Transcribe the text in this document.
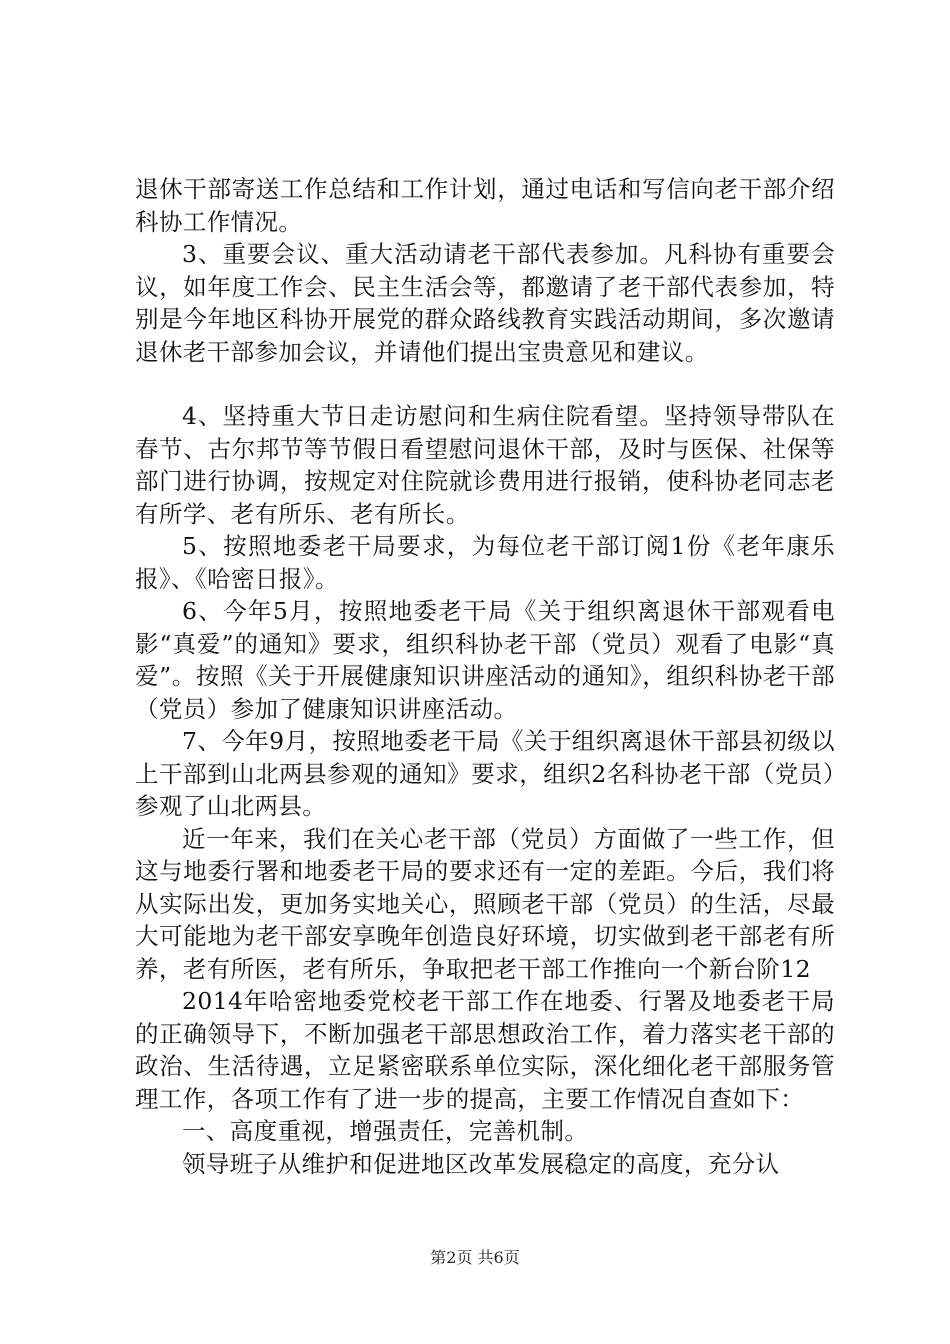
退休干部寄送工作总结和工作计划，通过电话和写信向老干部介绍科协工作情况。

3、重要会议、重大活动请老干部代表参加。凡科协有重要会议，如年度工作会、民主生活会等，都邀请了老干部代表参加，特别是今年地区科协开展党的群众路线教育实践活动期间，多次邀请退休老干部参加会议，并请他们提出宝贵意见和建议。

4、坚持重大节日走访慰问和生病住院看望。坚持领导带队在春节、古尔邦节等节假日看望慰问退休干部，及时与医保、社保等部门进行协调，按规定对住院就诊费用进行报销，使科协老同志老有所学、老有所乐、老有所长。

5、按照地委老干局要求，为每位老干部订阅1份《老年康乐报》、《哈密日报》。

6、今年5月，按照地委老干局《关于组织离退休干部观看电影“真爱”的通知》要求，组织科协老干部（党员）观看了电影“真爱”。按照《关于开展健康知识讲座活动的通知》，组织科协老干部（党员）参加了健康知识讲座活动。

7、今年9月，按照地委老干局《关于组织离退休干部县初级以上干部到山北两县参观的通知》要求，组织2名科协老干部（党员）参观了山北两县。

近一年来，我们在关心老干部（党员）方面做了一些工作，但这与地委行署和地委老干局的要求还有一定的差距。今后，我们将从实际出发，更加务实地关心，照顾老干部（党员）的生活，尽最大可能地为老干部安享晚年创造良好环境，切实做到老干部老有所养，老有所医，老有所乐，争取把老干部工作推向一个新台阶12

2014年哈密地委党校老干部工作在地委、行署及地委老干局的正确领导下，不断加强老干部思想政治工作，着力落实老干部的政治、生活待遇，立足紧密联系单位实际，深化细化老干部服务管理工作，各项工作有了进一步的提高，主要工作情况自查如下：

一、高度重视，增强责任，完善机制。

领导班子从维护和促进地区改革发展稳定的高度，充分认

第2页 共6页
